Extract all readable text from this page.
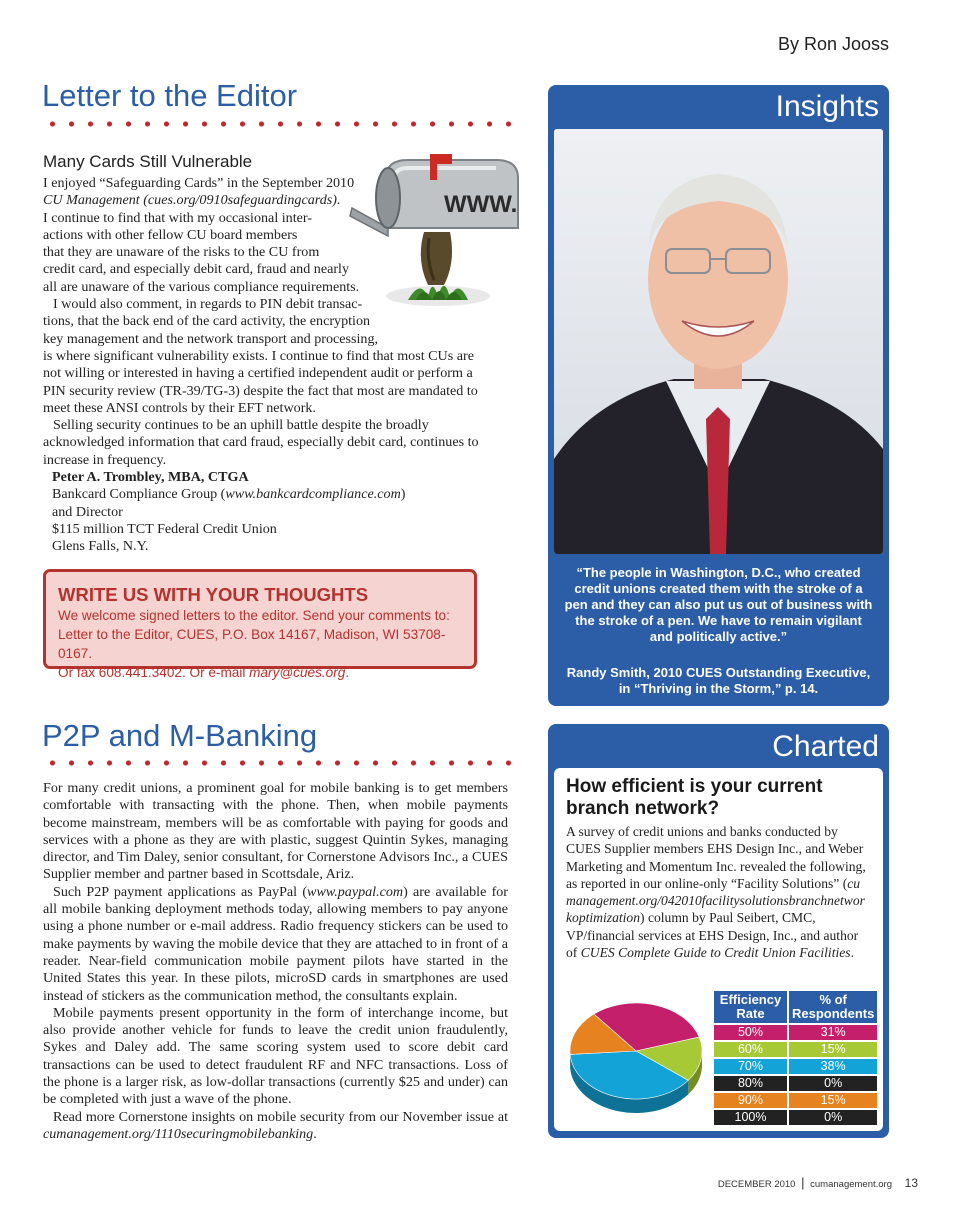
By Ron Jooss
Letter to the Editor
Many Cards Still Vulnerable
WWW.

I enjoyed “Safeguarding Cards” in the September 2010

CU Management (cues.org/0910safeguardingcards).

I continue to find that with my occasional inter-

actions with other fellow CU board members

that they are unaware of the risks to the CU from

credit card, and especially debit card, fraud and nearly

all are unaware of the various compliance requirements.

I would also comment, in regards to PIN debit transac-

tions, that the back end of the card activity, the encryption

key management and the network transport and processing,

is where significant vulnerability exists. I continue to find that most CUs are

not willing or interested in having a certified independent audit or perform a

PIN security review (TR-39/TG-3) despite the fact that most are mandated to

meet these ANSI controls by their EFT network.

Selling security continues to be an uphill battle despite the broadly acknowledged information that card fraud, especially debit card, continues to increase in frequency.

Peter A. Trombley, MBA, CTGA

Bankcard Compliance Group (www.bankcardcompliance.com)

and Director

$115 million TCT Federal Credit Union

Glens Falls, N.Y.

WRITE US WITH YOUR THOUGHTS
We welcome signed letters to the editor. Send your comments to:
Letter to the Editor, CUES, P.O. Box 14167, Madison, WI 53708-0167.
Or fax 608.441.3402. Or e-mail mary@cues.org.
P2P and M-Banking

For many credit unions, a prominent goal for mobile banking is to get members comfortable with transacting with the phone. Then, when mobile payments become mainstream, members will be as comfortable with paying for goods and services with a phone as they are with plastic, suggest Quintin Sykes, managing director, and Tim Daley, senior consultant, for Cornerstone Advisors Inc., a CUES Supplier member and partner based in Scottsdale, Ariz.

Such P2P payment applications as PayPal (www.paypal.com) are available for all mobile banking deployment methods today, allowing members to pay anyone using a phone number or e-mail address. Radio frequency stickers can be used to make payments by waving the mobile device that they are attached to in front of a reader. Near-field communication mobile payment pilots have started in the United States this year. In these pilots, microSD cards in smartphones are used instead of stickers as the communication method, the consultants explain.

Mobile payments present opportunity in the form of interchange income, but also provide another vehicle for funds to leave the credit union fraudulently, Sykes and Daley add. The same scoring system used to score debit card transactions can be used to detect fraudulent RF and NFC transactions. Loss of the phone is a larger risk, as low-dollar transactions (currently $25 and under) can be completed with just a wave of the phone.

Read more Cornerstone insights on mobile security from our November issue at cumanagement.org/1110securingmobilebanking.

Insights
“The people in Washington, D.C., who created credit unions created them with the stroke of a pen and they can also put us out of business with the stroke of a pen. We have to remain vigilant and politically active.”
Randy Smith, 2010 CUES Outstanding Executive, in “Thriving in the Storm,” p. 14.
Charted
How efficient is your current branch network?
A survey of credit unions and banks conducted by CUES Supplier members EHS Design Inc., and Weber Marketing and Momentum Inc. revealed the following, as reported in our online-only “Facility Solutions” (cumanagement.org/042010facilitysolutionsbranchnetworkoptimization) column by Paul Seibert, CMC, VP/financial services at EHS Design, Inc., and author of CUES Complete Guide to Credit Union Facilities.
Efficiency Rate	% of Respondents
50%	31%
60%	15%
70%	38%
80%	0%
90%	15%
100%	0%
DECEMBER 2010 | cumanagement.org 13
